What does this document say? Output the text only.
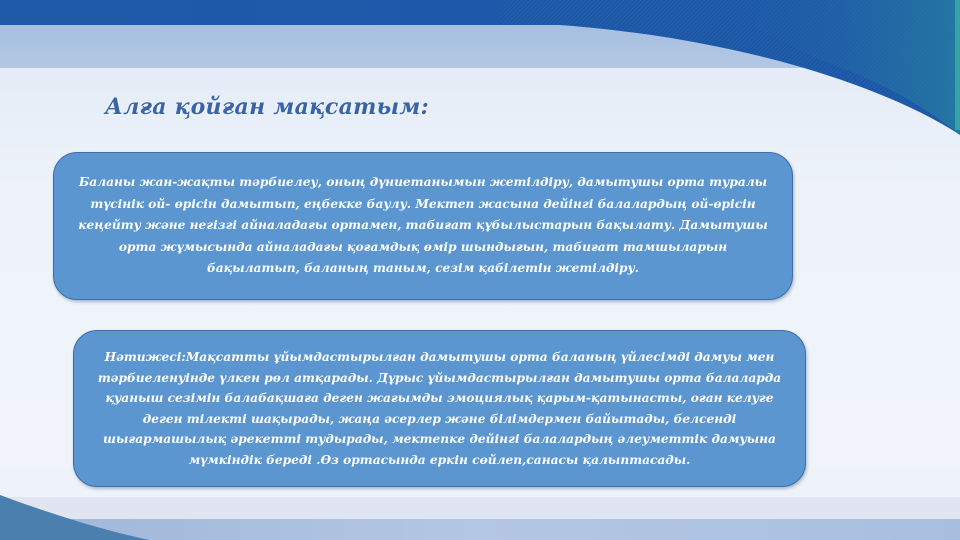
Алға қойған мақсатым:

Баланы жан-жақты тәрбиелеу, оның дүниетанымын жетілдіру, дамытушы орта туралы түсінік ой- өрісін дамытып, еңбекке баулу. Мектеп жасына дейінгі балалардың ой-өрісін кеңейту және негізгі айналадағы ортамен, табиғат құбылыстарын бақылату. Дамытушы орта жұмысында айналадағы қоғамдық өмір шындығын, табиғат тамшыларын бақылатып, баланың таным, сезім қабілетін жетілдіру.

Нәтижесі:Мақсатты ұйымдастырылған дамытушы орта баланың үйлесімді дамуы мен тәрбиеленуінде үлкен рөл атқарады. Дұрыс ұйымдастырылған дамытушы орта балаларда қуаныш сезімін балабақшаға деген жағымды эмоциялық қарым-қатынасты, оған келуге деген тілекті шақырады, жаңа әсерлер және білімдермен байытады, белсенді шығармашылық әрекетті тудырады, мектепке дейінгі балалардың әлеуметтік дамуына мүмкіндік береді .Өз ортасында еркін сөйлеп,санасы қалыптасады.
